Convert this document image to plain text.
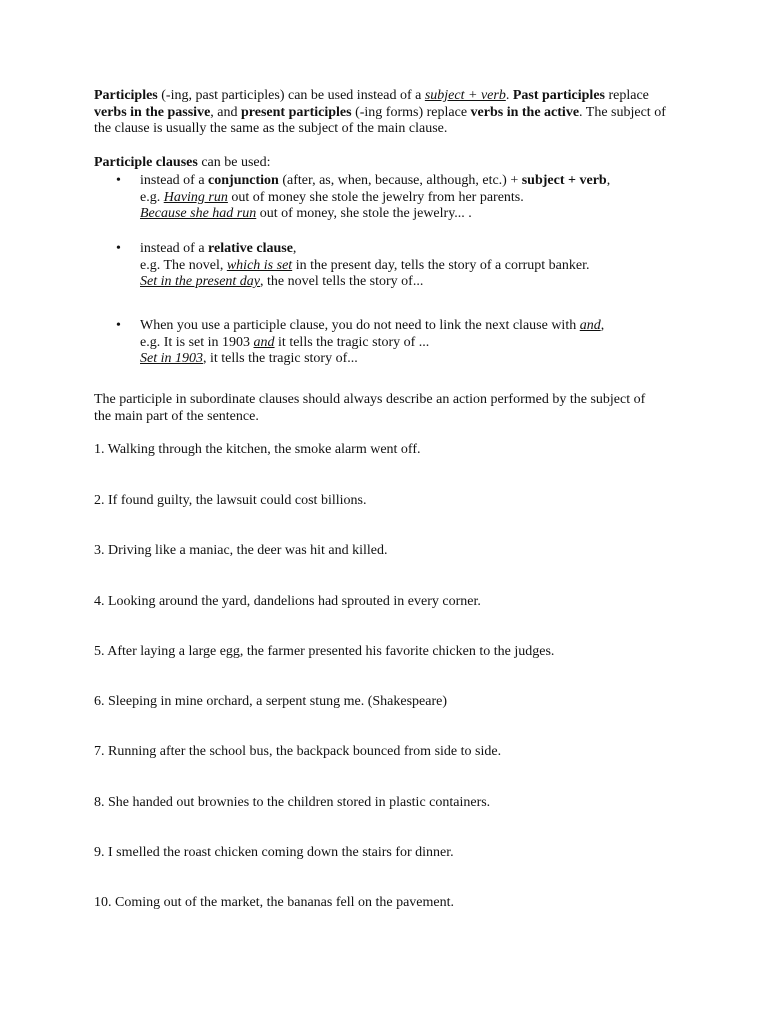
Participles (-ing, past participles) can be used instead of a subject + verb. Past participles replace verbs in the passive, and present participles (-ing forms) replace verbs in the active. The subject of the clause is usually the same as the subject of the main clause.

Participle clauses can be used:

• instead of a conjunction (after, as, when, because, although, etc.) + subject + verb,
e.g. Having run out of money she stole the jewelry from her parents.
Because she had run out of money, she stole the jewelry... .
• instead of a relative clause,
e.g. The novel, which is set in the present day, tells the story of a corrupt banker.
Set in the present day, the novel tells the story of...
• When you use a participle clause, you do not need to link the next clause with and,
e.g. It is set in 1903 and it tells the tragic story of ...
Set in 1903, it tells the tragic story of...

The participle in subordinate clauses should always describe an action performed by the subject of the main part of the sentence.

1. Walking through the kitchen, the smoke alarm went off.

2. If found guilty, the lawsuit could cost billions.

3. Driving like a maniac, the deer was hit and killed.

4. Looking around the yard, dandelions had sprouted in every corner.

5. After laying a large egg, the farmer presented his favorite chicken to the judges.

6. Sleeping in mine orchard, a serpent stung me. (Shakespeare)

7. Running after the school bus, the backpack bounced from side to side.

8. She handed out brownies to the children stored in plastic containers.

9. I smelled the roast chicken coming down the stairs for dinner.

10. Coming out of the market, the bananas fell on the pavement.
